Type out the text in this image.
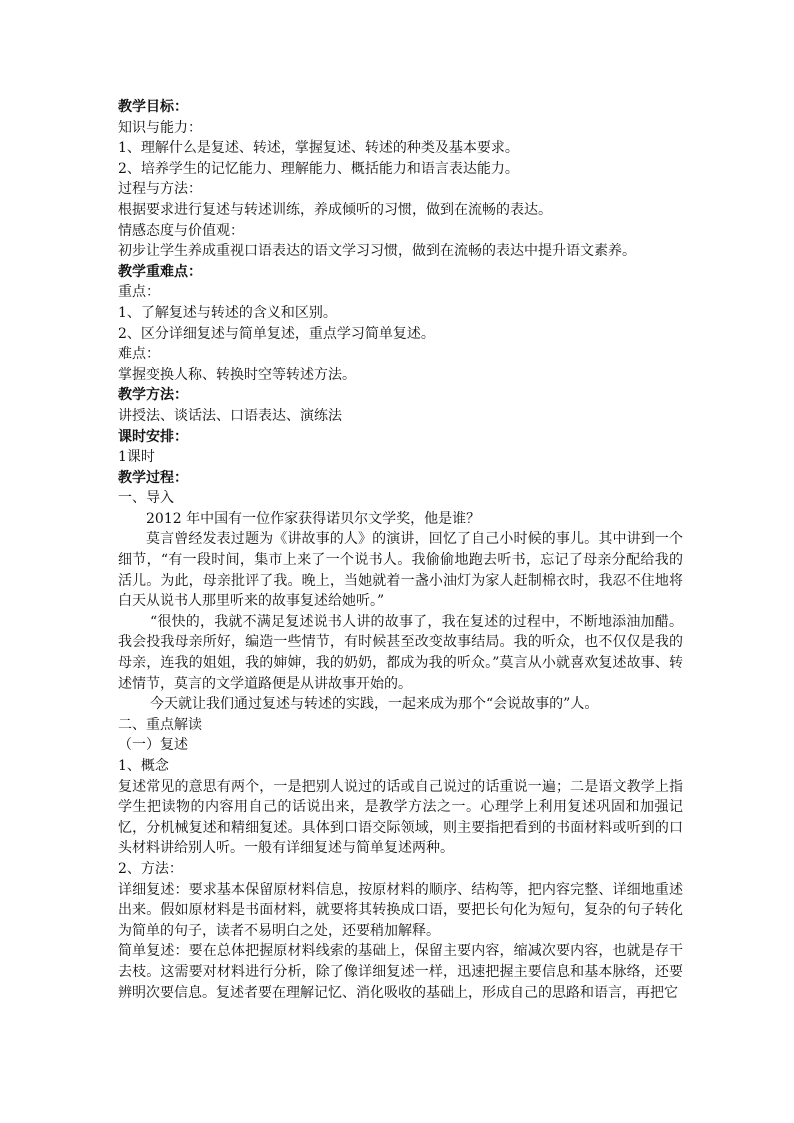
教学目标：
知识与能力：
1、理解什么是复述、转述，掌握复述、转述的种类及基本要求。
2、培养学生的记忆能力、理解能力、概括能力和语言表达能力。
过程与方法：
根据要求进行复述与转述训练，养成倾听的习惯，做到在流畅的表达。
情感态度与价值观：
初步让学生养成重视口语表达的语文学习习惯，做到在流畅的表达中提升语文素养。
教学重难点：
重点：
1、了解复述与转述的含义和区别。
2、区分详细复述与简单复述，重点学习简单复述。
难点：
掌握变换人称、转换时空等转述方法。
教学方法：
讲授法、谈话法、口语表达、演练法
课时安排：
1课时
教学过程：
一、导入
2012 年中国有一位作家获得诺贝尔文学奖，他是谁？
莫言曾经发表过题为《讲故事的人》的演讲，回忆了自己小时候的事儿。其中讲到一个细节，“有一段时间，集市上来了一个说书人。我偷偷地跑去听书，忘记了母亲分配给我的活儿。为此，母亲批评了我。晚上，当她就着一盏小油灯为家人赶制棉衣时，我忍不住地将白天从说书人那里听来的故事复述给她听。”
“很快的，我就不满足复述说书人讲的故事了，我在复述的过程中，不断地添油加醋。我会投我母亲所好，编造一些情节，有时候甚至改变故事结局。我的听众，也不仅仅是我的母亲，连我的姐姐，我的婶婶，我的奶奶，都成为我的听众。”莫言从小就喜欢复述故事、转述情节，莫言的文学道路便是从讲故事开始的。
今天就让我们通过复述与转述的实践，一起来成为那个“会说故事的”人。
二、重点解读
（一）复述
1、概念
复述常见的意思有两个，一是把别人说过的话或自己说过的话重说一遍；二是语文教学上指学生把读物的内容用自己的话说出来，是教学方法之一。心理学上利用复述巩固和加强记忆，分机械复述和精细复述。具体到口语交际领域，则主要指把看到的书面材料或听到的口头材料讲给别人听。一般有详细复述与简单复述两种。
2、方法：
详细复述：要求基本保留原材料信息，按原材料的顺序、结构等，把内容完整、详细地重述出来。假如原材料是书面材料，就要将其转换成口语，要把长句化为短句，复杂的句子转化为简单的句子，读者不易明白之处，还要稍加解释。
简单复述：要在总体把握原材料线索的基础上，保留主要内容，缩减次要内容，也就是存干去枝。这需要对材料进行分析，除了像详细复述一样，迅速把握主要信息和基本脉络，还要辨明次要信息。复述者要在理解记忆、消化吸收的基础上，形成自己的思路和语言，再把它
